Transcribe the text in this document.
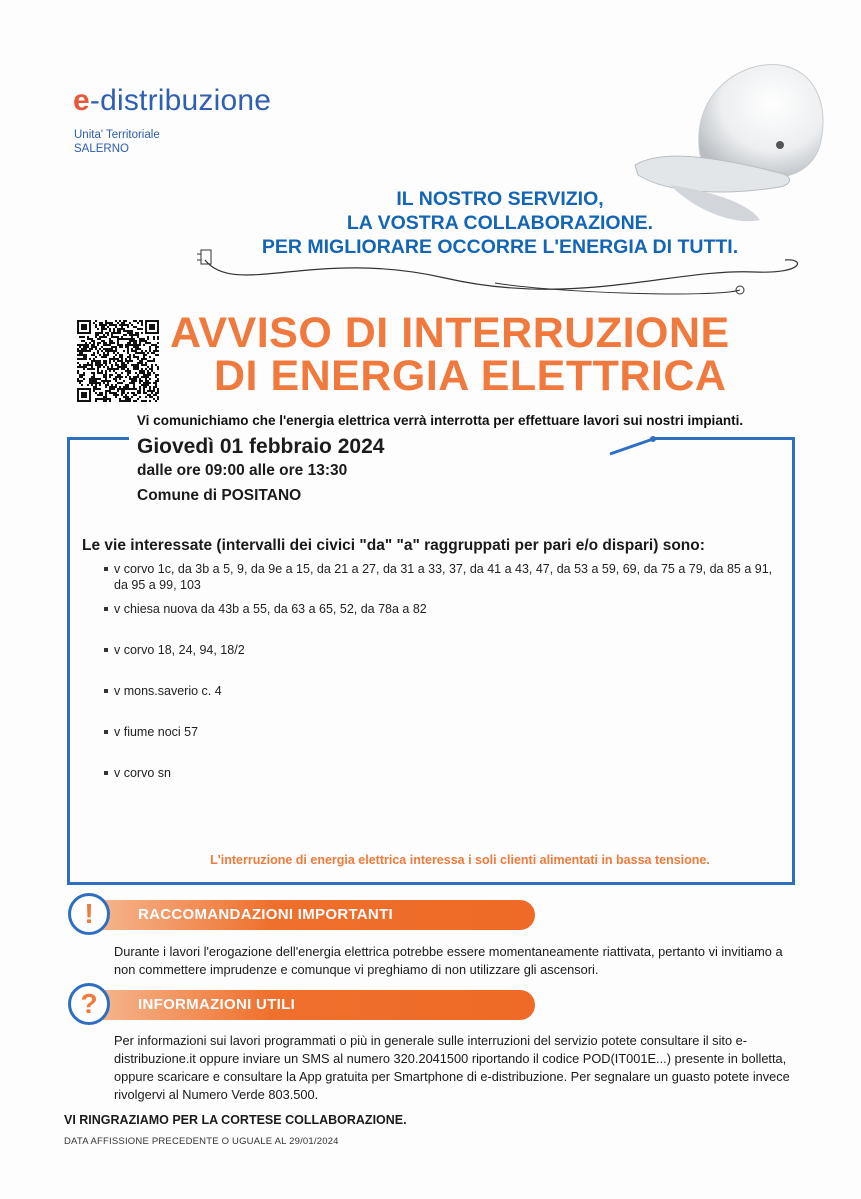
e-distribuzione
Unita' Territoriale
SALERNO
IL NOSTRO SERVIZIO,
LA VOSTRA COLLABORAZIONE.
PER MIGLIORARE OCCORRE L'ENERGIA DI TUTTI.
AVVISO DI INTERRUZIONE
DI ENERGIA ELETTRICA
Vi comunichiamo che l'energia elettrica verrà interrotta per effettuare lavori sui nostri impianti.
Giovedì 01 febbraio 2024
dalle ore 09:00 alle ore 13:30
Comune di POSITANO
Le vie interessate (intervalli dei civici "da" "a" raggruppati per pari e/o dispari) sono:
v corvo 1c, da 3b a 5, 9, da 9e a 15, da 21 a 27, da 31 a 33, 37, da 41 a 43, 47, da 53 a 59, 69, da 75 a 79, da 85 a 91, da 95 a 99, 103
v chiesa nuova da 43b a 55, da 63 a 65, 52, da 78a a 82
v corvo 18, 24, 94, 18/2
v mons.saverio c. 4
v fiume noci 57
v corvo sn
L'interruzione di energia elettrica interessa i soli clienti alimentati in bassa tensione.
RACCOMANDAZIONI IMPORTANTI
!
Durante i lavori l'erogazione dell'energia elettrica potrebbe essere momentaneamente riattivata, pertanto vi invitiamo a non commettere imprudenze e comunque vi preghiamo di non utilizzare gli ascensori.
INFORMAZIONI UTILI
?
Per informazioni sui lavori programmati o più in generale sulle interruzioni del servizio potete consultare il sito e-distribuzione.it oppure inviare un SMS al numero 320.2041500 riportando il codice POD(IT001E...) presente in bolletta, oppure scaricare e consultare la App gratuita per Smartphone di e-distribuzione. Per segnalare un guasto potete invece rivolgervi al Numero Verde 803.500.
VI RINGRAZIAMO PER LA CORTESE COLLABORAZIONE.
DATA AFFISSIONE PRECEDENTE O UGUALE AL 29/01/2024
